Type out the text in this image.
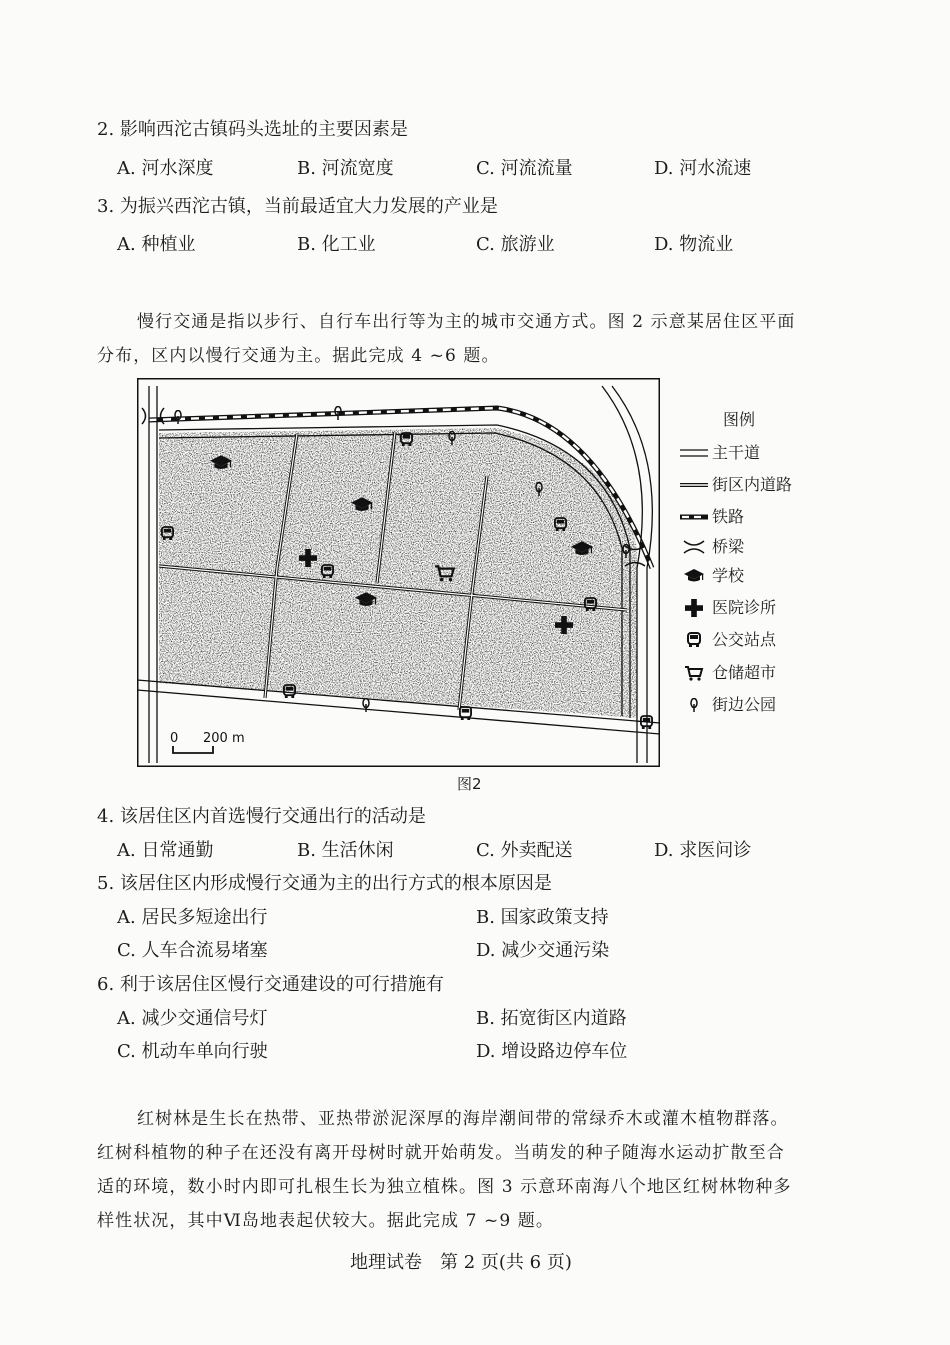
2. 影响西沱古镇码头选址的主要因素是
A. 河水深度	B. 河流宽度	C. 河流流量	D. 河水流速
3. 为振兴西沱古镇，当前最适宜大力发展的产业是
A. 种植业	B. 化工业	C. 旅游业	D. 物流业
慢行交通是指以步行、自行车出行等为主的城市交通方式。图 2 示意某居住区平面
分布，区内以慢行交通为主。据此完成 4 ~6 题。
0 200 m
图例
主干道
街区内道路
铁路
桥梁
学校
医院诊所
公交站点
仓储超市
街边公园
图2
4. 该居住区内首选慢行交通出行的活动是
A. 日常通勤	B. 生活休闲	C. 外卖配送	D. 求医问诊
5. 该居住区内形成慢行交通为主的出行方式的根本原因是
A. 居民多短途出行	B. 国家政策支持
C. 人车合流易堵塞	D. 减少交通污染
6. 利于该居住区慢行交通建设的可行措施有
A. 减少交通信号灯	B. 拓宽街区内道路
C. 机动车单向行驶	D. 增设路边停车位
红树林是生长在热带、亚热带淤泥深厚的海岸潮间带的常绿乔木或灌木植物群落。
红树科植物的种子在还没有离开母树时就开始萌发。当萌发的种子随海水运动扩散至合
适的环境，数小时内即可扎根生长为独立植株。图 3 示意环南海八个地区红树林物种多
样性状况，其中Ⅵ岛地表起伏较大。据此完成 7 ~9 题。
地理试卷　第 2 页(共 6 页)
